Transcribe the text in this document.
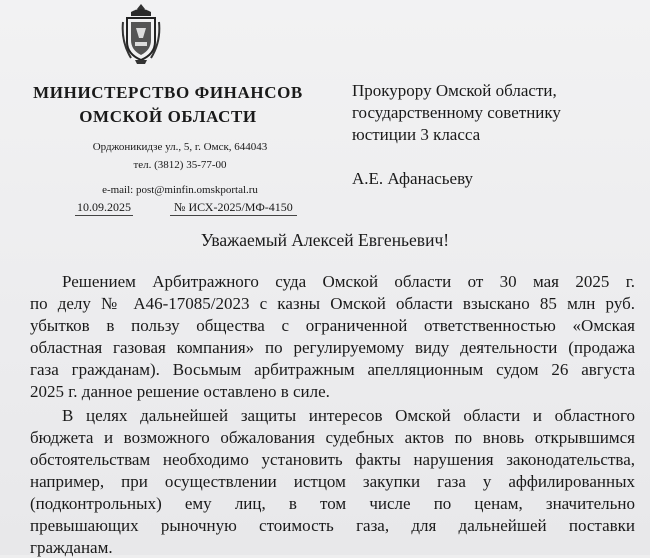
МИНИСТЕРСТВО ФИНАНСОВ
ОМСКОЙ ОБЛАСТИ
Орджоникидзе ул., 5, г. Омск, 644043
тел. (3812) 35-77-00
e-mail: post@minfin.omskportal.ru
10.09.2025	№ ИСХ-2025/МФ-4150
Прокурору Омской области,
государственному советнику
юстиции 3 класса
А.Е. Афанасьеву
Уважаемый Алексей Евгеньевич!
Решением Арбитражного суда Омской области от 30 мая 2025 г.
по делу № А46-17085/2023 с казны Омской области взыскано 85 млн руб.
убытков в пользу общества с ограниченной ответственностью «Омская
областная газовая компания» по регулируемому виду деятельности (продажа
газа гражданам). Восьмым арбитражным апелляционным судом 26 августа
2025 г. данное решение оставлено в силе.
В целях дальнейшей защиты интересов Омской области и областного
бюджета и возможного обжалования судебных актов по вновь открывшимся
обстоятельствам необходимо установить факты нарушения законодательства,
например, при осуществлении истцом закупки газа у аффилированных
(подконтрольных) ему лиц, в том числе по ценам, значительно
превышающих рыночную стоимость газа, для дальнейшей поставки
гражданам.
